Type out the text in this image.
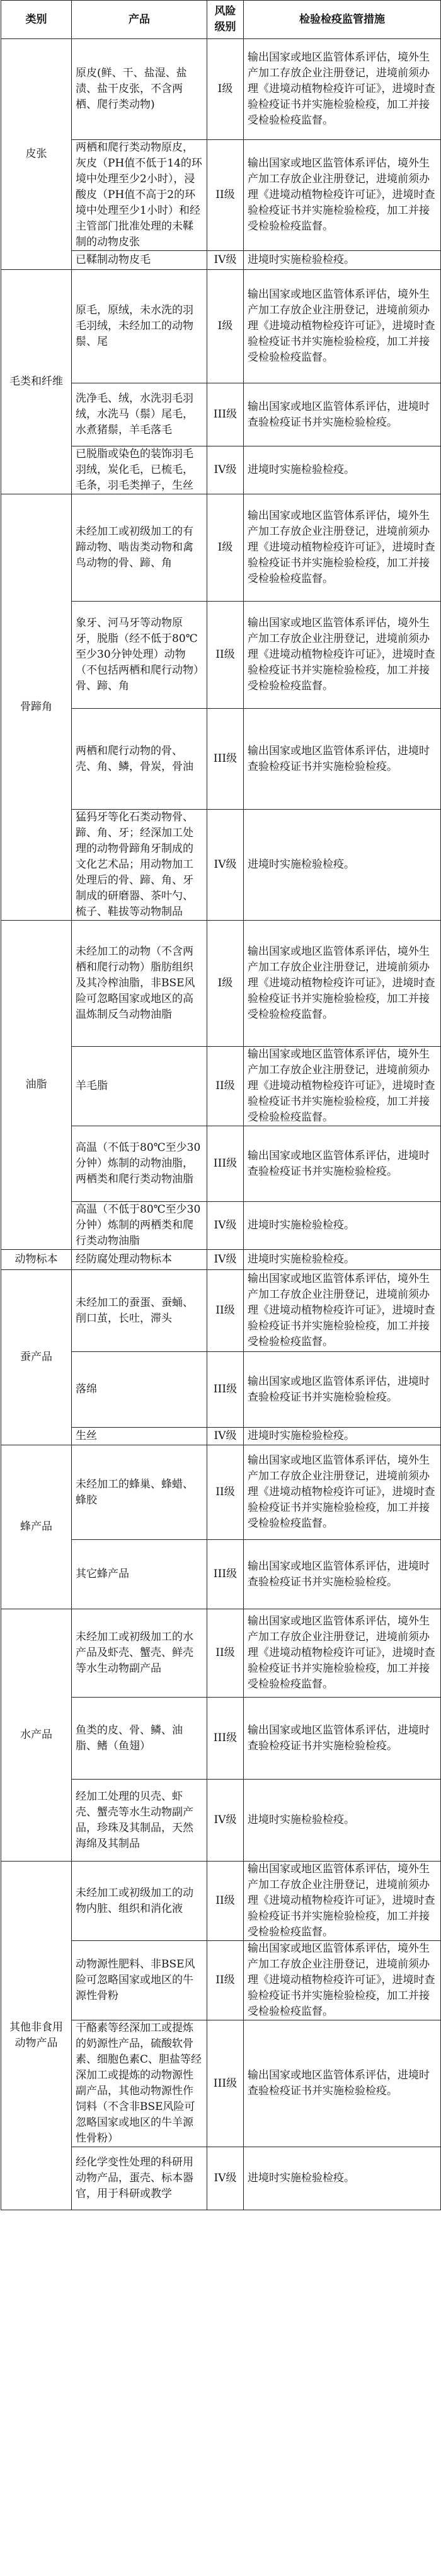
类别	产品	风险级别	检验检疫监管措施
皮张	原皮(鲜、干、盐湿、盐渍、盐干皮张，不含两栖、爬行类动物)	I级	输出国家或地区监管体系评估，境外生产加工存放企业注册登记，进境前须办理《进境动植物检疫许可证》，进境时查验检疫证书并实施检验检疫，加工并接受检验检疫监督。
	两栖和爬行类动物原皮，灰皮（PH值不低于14的环境中处理至少2小时），浸酸皮（PH值不高于2的环境中处理至少1小时）和经主管部门批准处理的未鞣制的动物皮张	II级	输出国家或地区监管体系评估，境外生产加工存放企业注册登记，进境前须办理《进境动植物检疫许可证》，进境时查验检疫证书并实施检验检疫，加工并接受检验检疫监督。
	已鞣制动物皮毛	IV级	进境时实施检验检疫。
毛类和纤维	原毛，原绒，未水洗的羽毛羽绒，未经加工的动物鬃、尾	I级	输出国家或地区监管体系评估，境外生产加工存放企业注册登记，进境前须办理《进境动植物检疫许可证》，进境时查验检疫证书并实施检验检疫，加工并接受检验检疫监督。
	洗净毛、绒，水洗羽毛羽绒，水洗马（鬃）尾毛，水煮猪鬃，羊毛落毛	III级	输出国家或地区监管体系评估，进境时查验检疫证书并实施检验检疫。
	已脱脂或染色的装饰羽毛羽绒，炭化毛，已梳毛，毛条，羽毛类掸子，生丝	IV级	进境时实施检验检疫。
骨蹄角	未经加工或初级加工的有蹄动物、啮齿类动物和禽鸟动物的骨、蹄、角	I级	输出国家或地区监管体系评估，境外生产加工存放企业注册登记，进境前须办理《进境动植物检疫许可证》，进境时查验检疫证书并实施检验检疫，加工并接受检验检疫监督。
	象牙、河马牙等动物原牙，脱脂（经不低于80℃至少30分钟处理）动物（不包括两栖和爬行动物）骨、蹄、角	II级	输出国家或地区监管体系评估，境外生产加工存放企业注册登记，进境前须办理《进境动植物检疫许可证》，进境时查验检疫证书并实施检验检疫，加工并接受检验检疫监督。
	两栖和爬行动物的骨、壳、角、鳞，骨炭，骨油	III级	输出国家或地区监管体系评估，进境时查验检疫证书并实施检验检疫。
	猛犸牙等化石类动物骨、蹄、角、牙；经深加工处理的动物骨蹄角牙制成的文化艺术品；用动物加工处理后的骨、蹄、角、牙制成的研磨器、茶叶勺、梳子、鞋拔等动物制品	IV级	进境时实施检验检疫。
油脂	未经加工的动物（不含两栖和爬行动物）脂肪组织及其冷榨油脂，非BSE风险可忽略国家或地区的高温炼制反刍动物油脂	I级	输出国家或地区监管体系评估，境外生产加工存放企业注册登记，进境前须办理《进境动植物检疫许可证》，进境时查验检疫证书并实施检验检疫，加工并接受检验检疫监督。
	羊毛脂	II级	输出国家或地区监管体系评估，境外生产加工存放企业注册登记，进境前须办理《进境动植物检疫许可证》，进境时查验检疫证书并实施检验检疫，加工并接受检验检疫监督。
	高温（不低于80℃至少30分钟）炼制的动物油脂，两栖类和爬行类动物油脂	III级	输出国家或地区监管体系评估，进境时查验检疫证书并实施检验检疫。
	高温（不低于80℃至少30分钟）炼制的两栖类和爬行类动物油脂	IV级	进境时实施检验检疫。
动物标本	经防腐处理动物标本	IV级	进境时实施检验检疫。
蚕产品	未经加工的蚕蛋、蚕蛹、削口茧，长吐，滞头	II级	输出国家或地区监管体系评估，境外生产加工存放企业注册登记，进境前须办理《进境动植物检疫许可证》，进境时查验检疫证书并实施检验检疫，加工并接受检验检疫监督。
	落绵	III级	输出国家或地区监管体系评估，进境时查验检疫证书并实施检验检疫。
	生丝	IV级	进境时实施检验检疫。
蜂产品	未经加工的蜂巢、蜂蜡、蜂胶	II级	输出国家或地区监管体系评估，境外生产加工存放企业注册登记，进境前须办理《进境动植物检疫许可证》，进境时查验检疫证书并实施检验检疫，加工并接受检验检疫监督。
	其它蜂产品	III级	输出国家或地区监管体系评估，进境时查验检疫证书并实施检验检疫。
水产品	未经加工或初级加工的水产品及虾壳、蟹壳、鲜壳等水生动物副产品	II级	输出国家或地区监管体系评估，境外生产加工存放企业注册登记，进境前须办理《进境动植物检疫许可证》，进境时查验检疫证书并实施检验检疫，加工并接受检验检疫监督。
	鱼类的皮、骨、鳞、油脂、鳍（鱼翅）	III级	输出国家或地区监管体系评估，进境时查验检疫证书并实施检验检疫。
	经加工处理的贝壳、虾壳、蟹壳等水生动物副产品，珍珠及其制品，天然海绵及其制品	IV级	进境时实施检验检疫。
其他非食用动物产品	未经加工或初级加工的动物内脏、组织和消化液	II级	输出国家或地区监管体系评估，境外生产加工存放企业注册登记，进境前须办理《进境动植物检疫许可证》，进境时查验检疫证书并实施检验检疫，加工并接受检验检疫监督。
	动物源性肥料、非BSE风险可忽略国家或地区的牛源性骨粉	II级	输出国家或地区监管体系评估，境外生产加工存放企业注册登记，进境前须办理《进境动植物检疫许可证》，进境时查验检疫证书并实施检验检疫，加工并接受检验检疫监督。
	干酪素等经深加工或提炼的奶源性产品，硫酸软骨素、细胞色素C、胆盐等经深加工或提炼的动物源性副产品，其他动物源性作饲料（不含非BSE风险可忽略国家或地区的牛羊源性骨粉）	III级	输出国家或地区监管体系评估，进境时查验检疫证书并实施检验检疫。
	经化学变性处理的科研用动物产品，蛋壳、标本器官，用于科研或教学	IV级	进境时实施检验检疫。
